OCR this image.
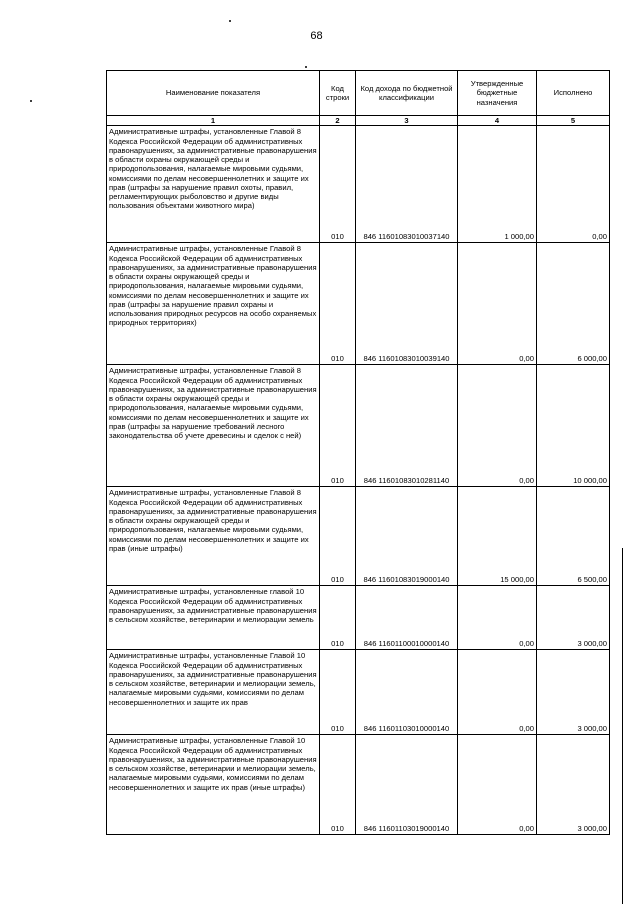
68
Наименование показателя	Код строки	Код дохода по бюджетной классификации	Утвержденные бюджетные назначения	Исполнено
1	2	3	4	5
Административные штрафы, установленные Главой 8 Кодекса Российской Федерации об административных правонарушениях, за административные правонарушения в области охраны окружающей среды и природопользования, налагаемые мировыми судьями, комиссиями по делам несовершеннолетних и защите их прав (штрафы за нарушение правил охоты, правил, регламентирующих рыболовство и другие виды пользования объектами животного мира)	010	846 11601083010037140	1 000,00	0,00
Административные штрафы, установленные Главой 8 Кодекса Российской Федерации об административных правонарушениях, за административные правонарушения в области охраны окружающей среды и природопользования, налагаемые мировыми судьями, комиссиями по делам несовершеннолетних и защите их прав (штрафы за нарушение правил охраны и использования природных ресурсов на особо охраняемых природных территориях)	010	846 11601083010039140	0,00	6 000,00
Административные штрафы, установленные Главой 8 Кодекса Российской Федерации об административных правонарушениях, за административные правонарушения в области охраны окружающей среды и природопользования, налагаемые мировыми судьями, комиссиями по делам несовершеннолетних и защите их прав (штрафы за нарушение требований лесного законодательства об учете древесины и сделок с ней)	010	846 11601083010281140	0,00	10 000,00
Административные штрафы, установленные Главой 8 Кодекса Российской Федерации об административных правонарушениях, за административные правонарушения в области охраны окружающей среды и природопользования, налагаемые мировыми судьями, комиссиями по делам несовершеннолетних и защите их прав (иные штрафы)	010	846 11601083019000140	15 000,00	6 500,00
Административные штрафы, установленные главой 10 Кодекса Российской Федерации об административных правонарушениях, за административные правонарушения в сельском хозяйстве, ветеринарии и мелиорации земель	010	846 11601100010000140	0,00	3 000,00
Административные штрафы, установленные Главой 10 Кодекса Российской Федерации об административных правонарушениях, за административные правонарушения в сельском хозяйстве, ветеринарии и мелиорации земель, налагаемые мировыми судьями, комиссиями по делам несовершеннолетних и защите их прав	010	846 11601103010000140	0,00	3 000,00
Административные штрафы, установленные Главой 10 Кодекса Российской Федерации об административных правонарушениях, за административные правонарушения в сельском хозяйстве, ветеринарии и мелиорации земель, налагаемые мировыми судьями, комиссиями по делам несовершеннолетних и защите их прав (иные штрафы)	010	846 11601103019000140	0,00	3 000,00
